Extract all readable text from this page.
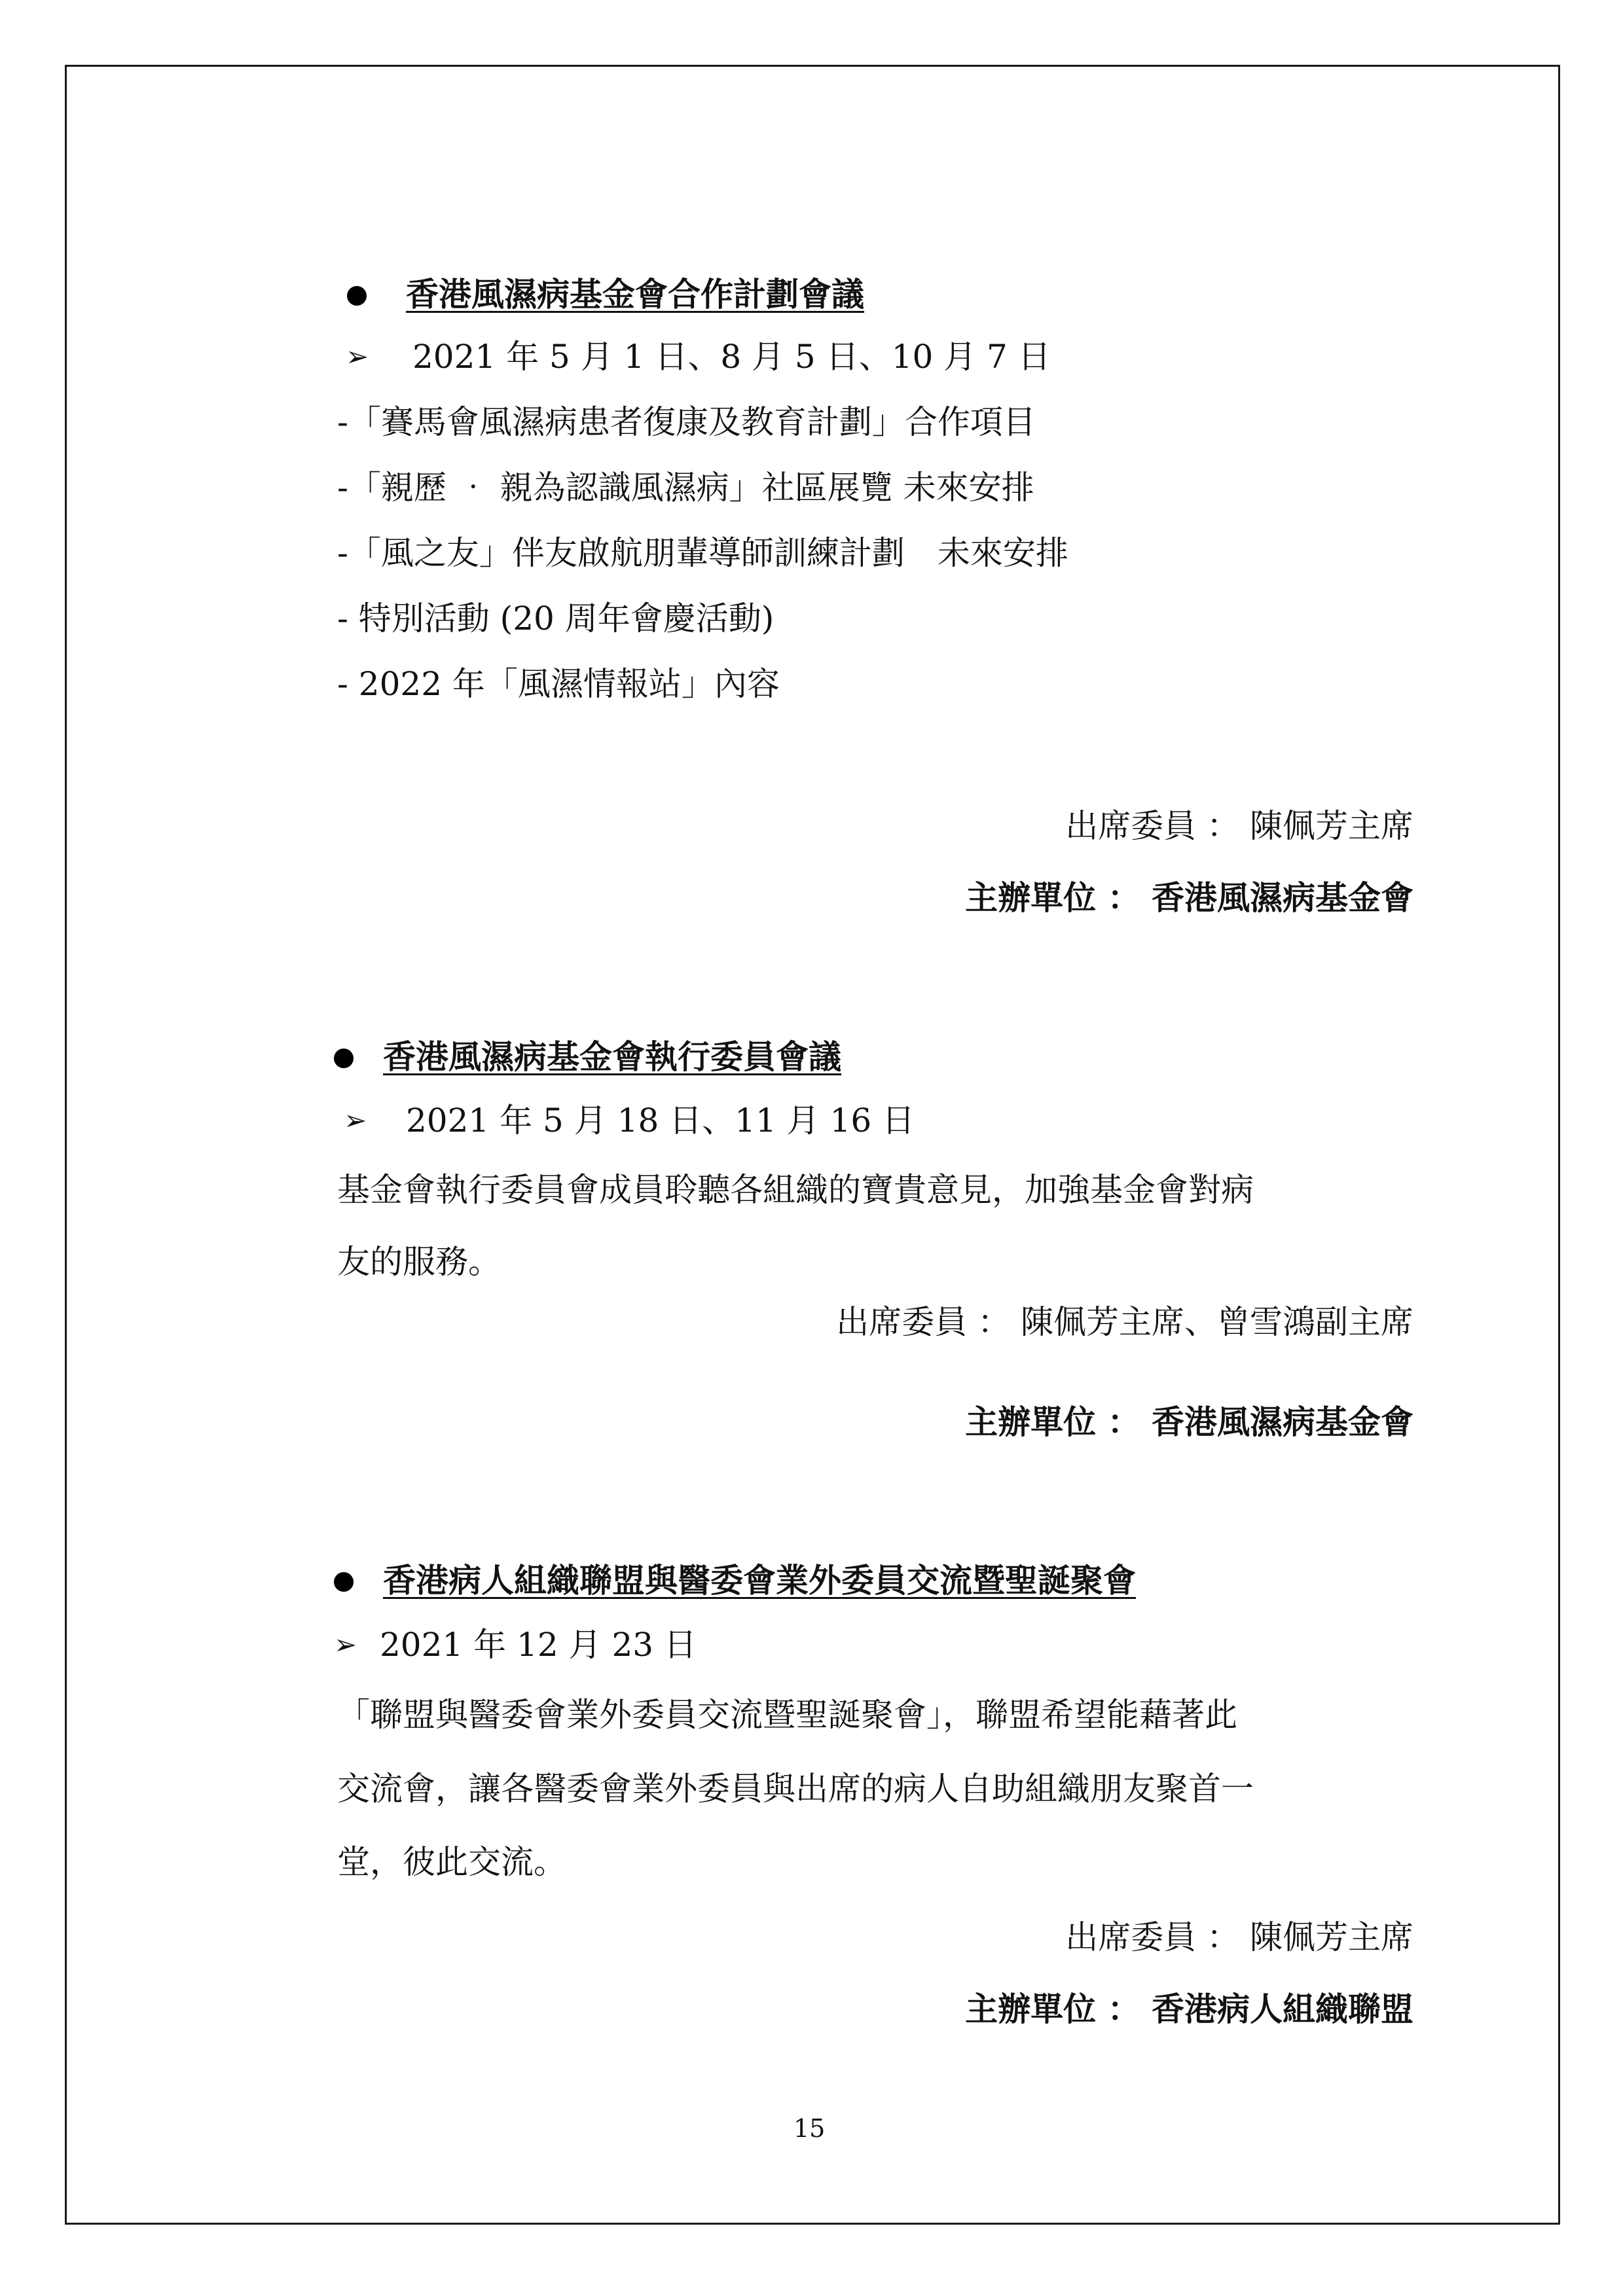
香港風濕病基金會合作計劃會議
➢ 2021 年 5 月 1 日、8 月 5 日、10 月 7 日
-「賽馬會風濕病患者復康及教育計劃」合作項目
-「親歷 ‧ 親為認識風濕病」社區展覽 未來安排
-「風之友」伴友啟航朋輩導師訓練計劃　未來安排
- 特別活動 (20 周年會慶活動)
- 2022 年「風濕情報站」內容
出席委員 ： 陳佩芳主席
主辦單位 ： 香港風濕病基金會
香港風濕病基金會執行委員會議
➢ 2021 年 5 月 18 日、11 月 16 日
基金會執行委員會成員聆聽各組織的寶貴意見，加強基金會對病
友的服務。
出席委員 ： 陳佩芳主席、曾雪鴻副主席
主辦單位 ： 香港風濕病基金會
香港病人組織聯盟與醫委會業外委員交流暨聖誕聚會
➢ 2021 年 12 月 23 日
「聯盟與醫委會業外委員交流暨聖誕聚會」，聯盟希望能藉著此
交流會，讓各醫委會業外委員與出席的病人自助組織朋友聚首一
堂，彼此交流。
出席委員 ： 陳佩芳主席
主辦單位 ： 香港病人組織聯盟
15
